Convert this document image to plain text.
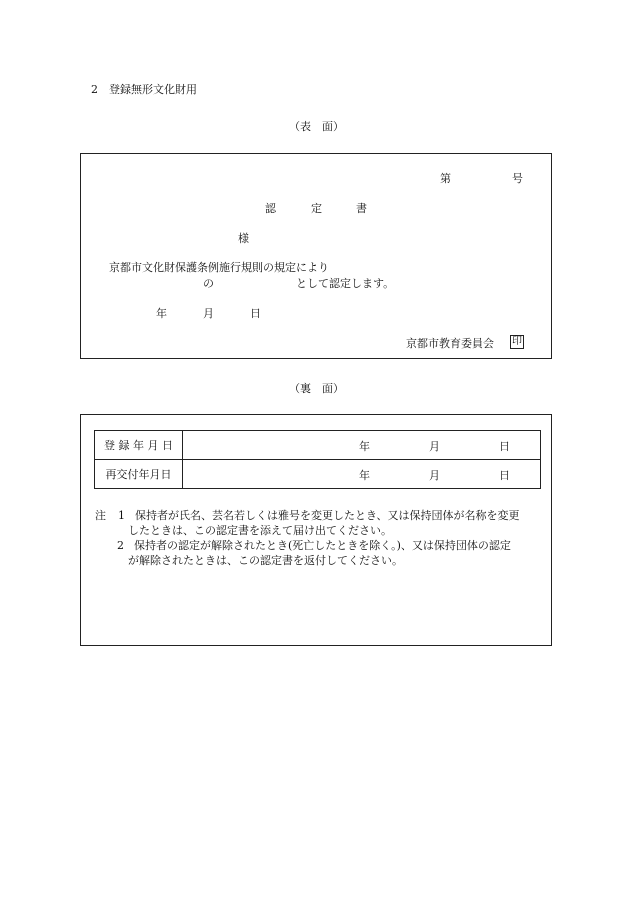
2　登録無形文化財用
（表　面）
第	号
認	定	書
様
京都市文化財保護条例施行規則の規定により
の	として認定します。
年	月	日
京都市教育委員会 印
（裏　面）
登 録 年 月 日	年 月 日

再交付年月日	年 月 日
注 1 保持者が氏名、芸名若しくは雅号を変更したとき、又は保持団体が名称を変更
したときは、この認定書を添えて届け出てください。
2 保持者の認定が解除されたとき(死亡したときを除く。)、又は保持団体の認定
が解除されたときは、この認定書を返付してください。
